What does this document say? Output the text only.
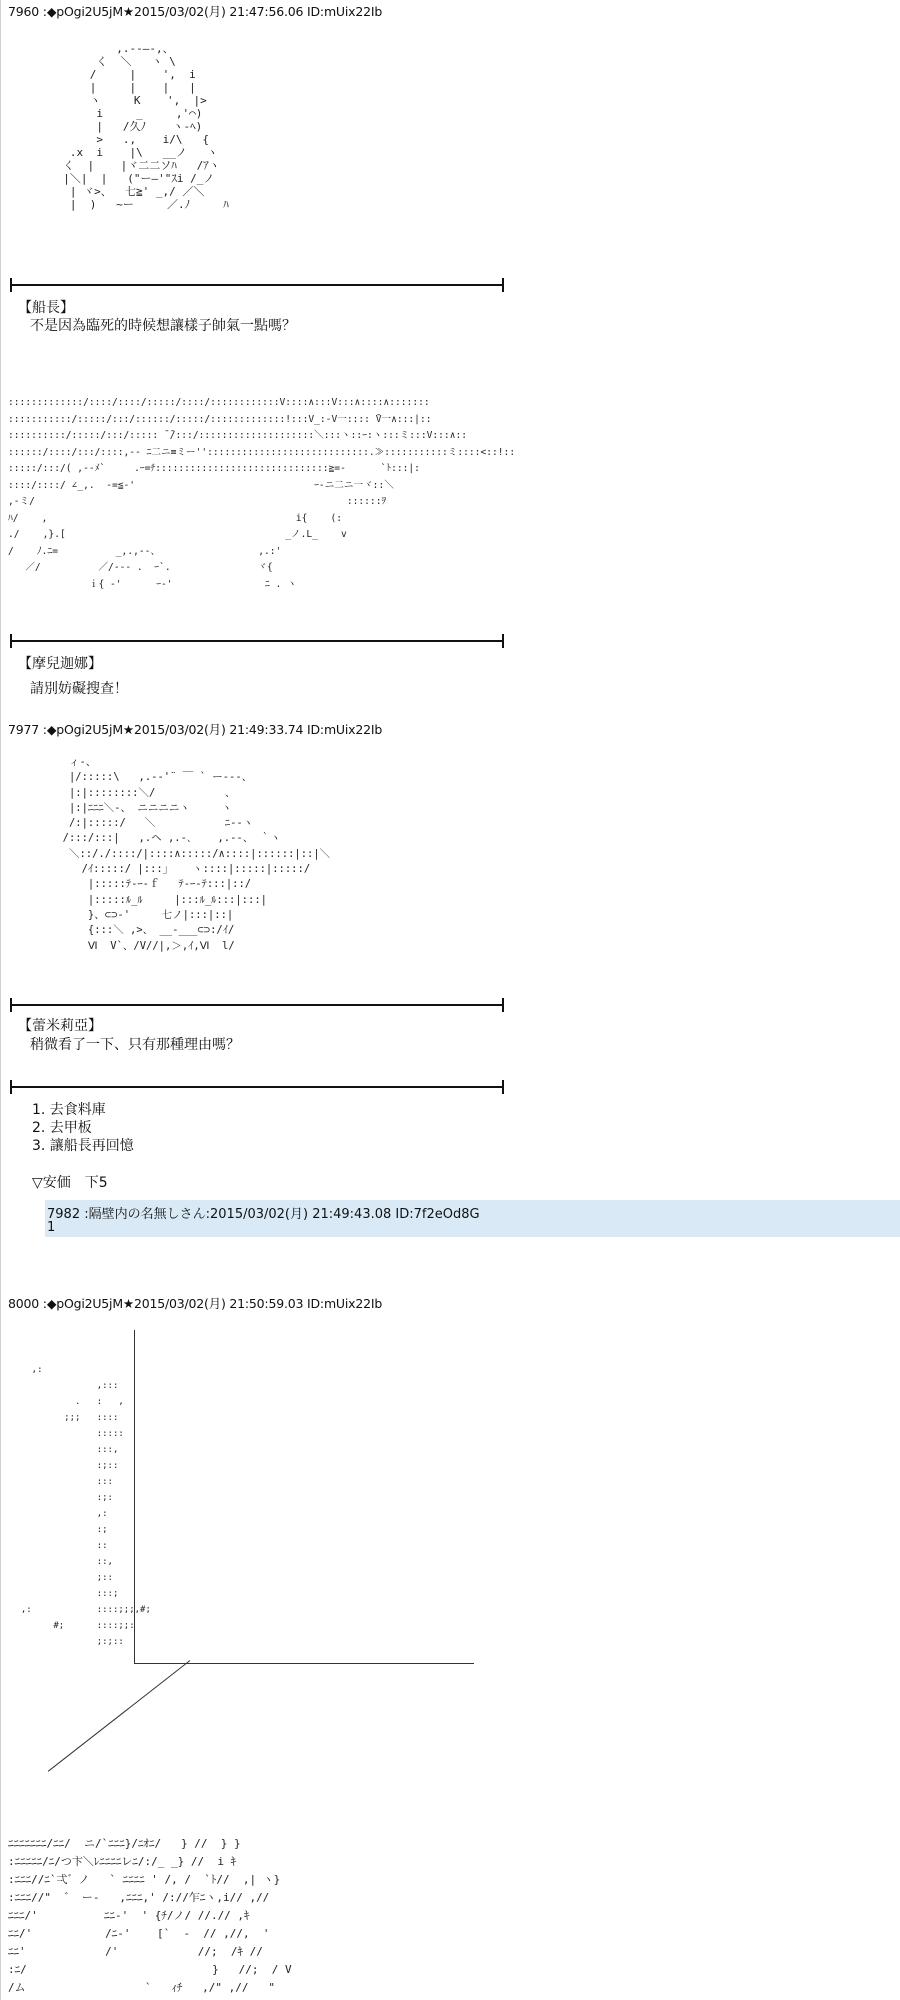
7960 :◆pOgi2U5jM★2015/03/02(月) 21:47:56.06 ID:mUix22Ib
,.--―-,、
く  ＼   ヽ \
/     |    ',  i
|     |    |   |
ヽ     K    ',  |>
i     _     ,'⌒)
|   /久ﾉ    ヽ-ﾍ)
>   .,    i/\   {
.x  i    |\   __ノ   ヽ
く  |    |ヾ二二ソﾊ   /ｱヽ
|＼|  |   ("ー―'"ｽi /_ノ
| ヾ>、  七≧' _,/ ／＼
|  )   ~ー     ／.ﾉ     ﾊ
【船長】
不是因為臨死的時候想讓樣子帥氣一點嗎？
:::::::::::::/::::/::::/:::::/::::/::::::::::::V::::∧:::V:::∧::::∧:::::::
:::::::::::/:::::/:::/::::::/:::::/:::::::::::::!:::V_:-V一:::: ̄V一∧:::|::
::::::::::/:::::/:::/::::: ̄ ̄/:::/::::::::::::::::::::＼:::ヽ::ｰ:ヽ:::ミ:::V:::∧::
::::::/::::/:::/::::,-‐ ﾆ二ニ≡ミー''::::::::::::::::::::::::::::.≫:::::::::::ミ::::<::!::
:::::/:::/( ,-‐ﾒ`     .ｰ=ﾁ::::::::::::::::::::::::::::::≧=-      `ﾄ:::|:
::::/::::/ ∠_,.  -=≦-'                               ｰ-ニ二ニ一ヾ::＼
,-ミ/                                                      ::::::ｦ
ﾊ/    ,                                           i{    (:
./    ,}.[                                      _ノ.L_    v
/    ﾉ.ﾆ=          _,.,--、                 ,.:'
／/          ／/-‐- .  ｰ`.               ヾ{
ｉ{ ‐'      ｰ‐'                ﾆ . ヽ
【摩兒迦娜】
請別妨礙搜查！
7977 :◆pOgi2U5jM★2015/03/02(月) 21:49:33.74 ID:mUix22Ib
ィ-、
|/:::::\   ,.-‐'¨ ￣ ` ー---、
|:|::::::::＼/           、
|:|ﾆﾆﾆ＼-、 ニニニニヽ     ヽ
/:|:::::/   ＼           ﾆ--ヽ
/:::/:::|   ,.ヘ ,.-､    ,.--、 ｀ヽ
＼::/./::::/|::::∧:::::/∧::::|::::::|::|＼
/ｲ:::::/ |:::」   ヽ::::|:::::|:::::/
|:::::ﾃ-ｰ-ｆ   ﾃ-ｰ-ﾃ:::|::/
|:::::ﾙ_ﾙ     |:::ﾙ_ﾙ:::|:::|
}、⊂⊃-'     七ノ|:::|::|
{:::＼ ,>、 __-___⊂⊃:/ｲ/
Ⅵ  V`、/V//|,＞,ｲ,Ⅵ  l/
【蕾米莉亞】
稍微看了一下、只有那種理由嗎？
1. 去食料庫
2. 去甲板
3. 讓船長再回憶
▽安価　下5
7982 :隔壁内の名無しさん:2015/03/02(月) 21:49:43.08 ID:7f2eOd8G
1
8000 :◆pOgi2U5jM★2015/03/02(月) 21:50:59.03 ID:mUix22Ib

,:
,:::
.   :   ,
;;;   ::::
:::::
:::,
:;::
:::
:;:
,:
:;
::
::,
;::
:::;
,:            ::::;;;,#;
#;      ::::;;:
;:;::

ﾆﾆﾆﾆﾆﾆﾆ/ﾆﾆ/  ニ/`ﾆﾆﾆ}/ﾆｵﾆ/   } //  } }
:ﾆﾆﾆﾆﾆ/ﾆ/つ卞＼ﾚﾆﾆﾆﾆレﾆ/:/_ _} //  i ｷ
:ﾆﾆﾆ//ﾆ`弌゛ノ   ` ﾆﾆﾆﾆ ' /, /  `ﾄ//  ,| ヽ}
:ﾆﾆﾆ//"  ゛ ー-   ,ﾆﾆﾆ,' /://乍ﾆヽ,i// ,//
ﾆﾆﾆ/'          ﾆﾆ-'  ' {ﾁ/ノ/ //.// ,ｷ
ﾆﾆ/'           /ﾆ-'    [`  -  // ,//,  '
ﾆﾆ'            /'            //;  /ｷ //
:ﾆ/                            }   //;  / V
/ム                  `   ｨﾁ   ,/" ,//   "
